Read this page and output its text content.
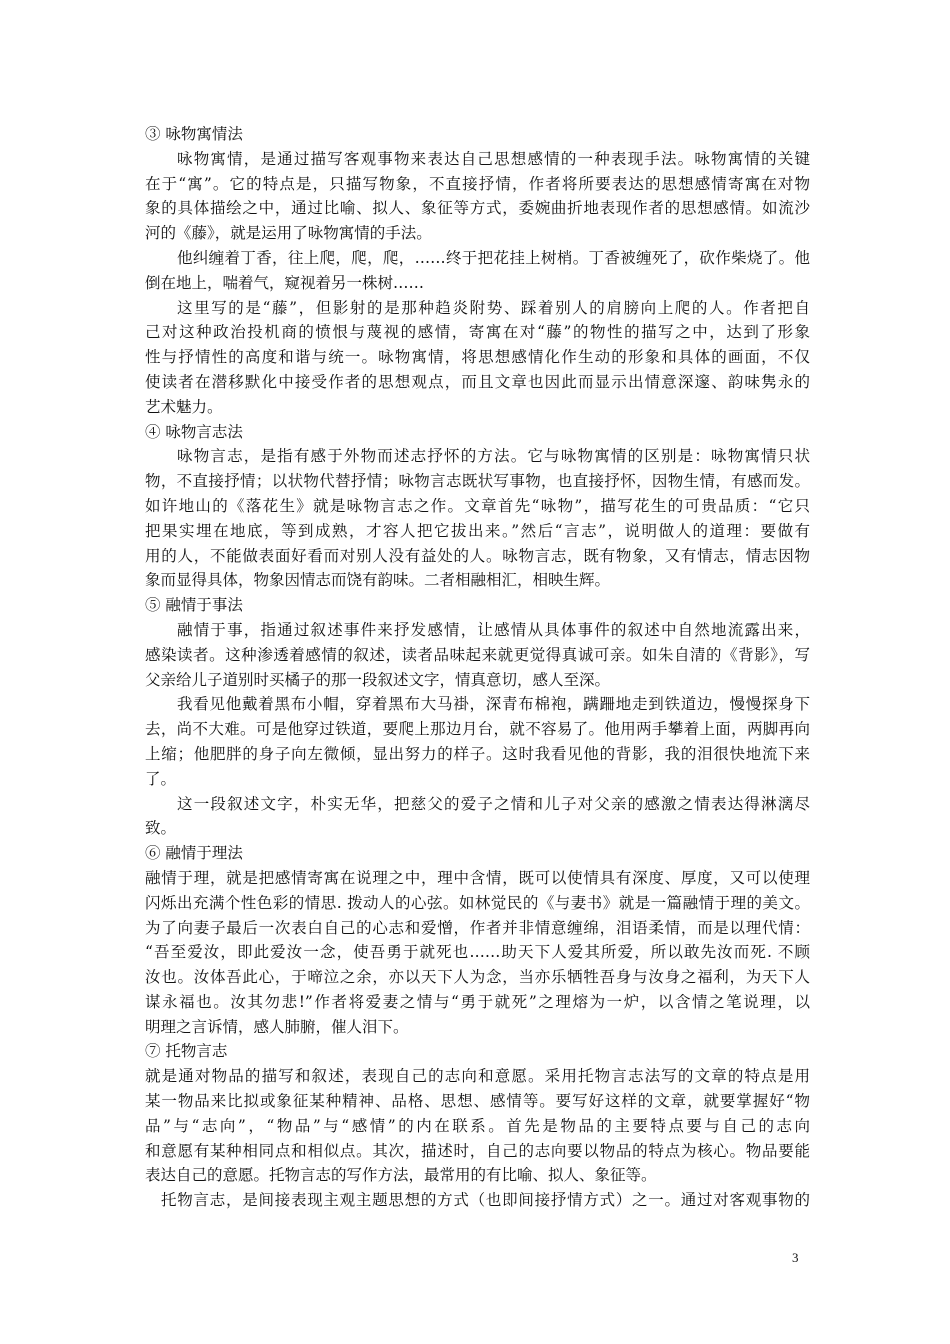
③ 咏物寓情法
咏物寓情，是通过描写客观事物来表达自己思想感情的一种表现手法。咏物寓情的关键
在于“寓”。它的特点是，只描写物象，不直接抒情，作者将所要表达的思想感情寄寓在对物
象的具体描绘之中，通过比喻、拟人、象征等方式，委婉曲折地表现作者的思想感情。如流沙
河的《藤》，就是运用了咏物寓情的手法。
他纠缠着丁香，往上爬，爬，爬，……终于把花挂上树梢。丁香被缠死了，砍作柴烧了。他
倒在地上，喘着气，窥视着另一株树……
这里写的是“藤”，但影射的是那种趋炎附势、踩着别人的肩膀向上爬的人。作者把自
己对这种政治投机商的愤恨与蔑视的感情，寄寓在对“藤”的物性的描写之中，达到了形象
性与抒情性的高度和谐与统一。咏物寓情，将思想感情化作生动的形象和具体的画面，不仅
使读者在潜移默化中接受作者的思想观点，而且文章也因此而显示出情意深邃、韵味隽永的
艺术魅力。
④ 咏物言志法
咏物言志，是指有感于外物而述志抒怀的方法。它与咏物寓情的区别是：咏物寓情只状
物，不直接抒情；以状物代替抒情；咏物言志既状写事物，也直接抒怀，因物生情，有感而发。
如许地山的《落花生》就是咏物言志之作。文章首先“咏物”，描写花生的可贵品质：“它只
把果实埋在地底，等到成熟，才容人把它拔出来。”然后“言志”，说明做人的道理：要做有
用的人，不能做表面好看而对别人没有益处的人。咏物言志，既有物象，又有情志，情志因物
象而显得具体，物象因情志而饶有韵味。二者相融相汇，相映生辉。
⑤ 融情于事法
融情于事，指通过叙述事件来抒发感情，让感情从具体事件的叙述中自然地流露出来，
感染读者。这种渗透着感情的叙述，读者品味起来就更觉得真诚可亲。如朱自清的《背影》，写
父亲给儿子道别时买橘子的那一段叙述文字，情真意切，感人至深。
我看见他戴着黑布小帽，穿着黑布大马褂，深青布棉袍，蹒跚地走到铁道边，慢慢探身下
去，尚不大难。可是他穿过铁道，要爬上那边月台，就不容易了。他用两手攀着上面，两脚再向
上缩；他肥胖的身子向左微倾，显出努力的样子。这时我看见他的背影，我的泪很快地流下来
了。
这一段叙述文字，朴实无华，把慈父的爱子之情和儿子对父亲的感激之情表达得淋漓尽
致。
⑥ 融情于理法
融情于理，就是把感情寄寓在说理之中，理中含情，既可以使情具有深度、厚度，又可以使理
闪烁出充满个性色彩的情思. 拨动人的心弦。如林觉民的《与妻书》就是一篇融情于理的美文。
为了向妻子最后一次表白自己的心志和爱憎，作者并非情意缠绵，泪语柔情，而是以理代情：
“吾至爱汝，即此爱汝一念，使吾勇于就死也……助天下人爱其所爱，所以敢先汝而死. 不顾
汝也。汝体吾此心，于啼泣之余，亦以天下人为念，当亦乐牺牲吾身与汝身之福利，为天下人
谋永福也。汝其勿悲!”作者将爱妻之情与“勇于就死”之理熔为一炉，以含情之笔说理，以
明理之言诉情，感人肺腑，催人泪下。
⑦ 托物言志
就是通对物品的描写和叙述，表现自己的志向和意愿。采用托物言志法写的文章的特点是用
某一物品来比拟或象征某种精神、品格、思想、感情等。要写好这样的文章，就要掌握好“物
品”与“志向”，“物品”与“感情”的内在联系。首先是物品的主要特点要与自己的志向
和意愿有某种相同点和相似点。其次，描述时，自己的志向要以物品的特点为核心。物品要能
表达自己的意愿。托物言志的写作方法，最常用的有比喻、拟人、象征等。
托物言志，是间接表现主观主题思想的方式（也即间接抒情方式）之一。通过对客观事物的
3
